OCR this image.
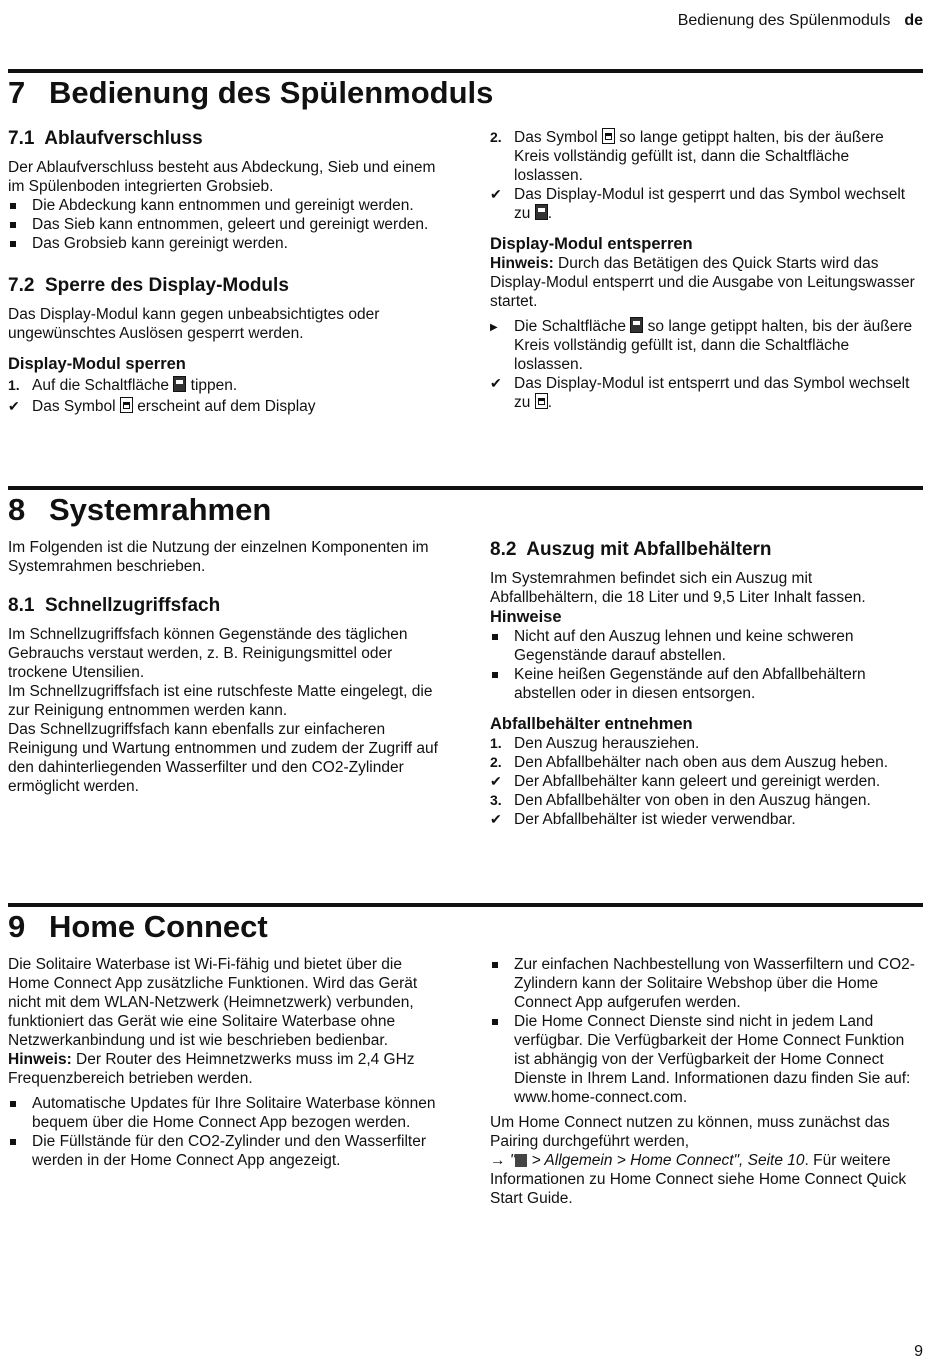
Bedienung des Spülenmoduls de
7 Bedienung des Spülenmoduls
7.1 Ablaufverschluss

Der Ablaufverschluss besteht aus Abdeckung, Sieb und einem im Spülenboden integrierten Grobsieb.

Die Abdeckung kann entnommen und gereinigt werden.
Das Sieb kann entnommen, geleert und gereinigt werden.
Das Grobsieb kann gereinigt werden.
7.2 Sperre des Display-Moduls

Das Display-Modul kann gegen unbeabsichtigtes oder ungewünschtes Auslösen gesperrt werden.

Display-Modul sperren
1. Auf die Schaltfläche tippen.
✔ Das Symbol erscheint auf dem Display
2. Das Symbol so lange getippt halten, bis der äußere Kreis vollständig gefüllt ist, dann die Schaltfläche loslassen.
✔ Das Display-Modul ist gesperrt und das Symbol wechselt zu .
Display-Modul entsperren

Hinweis: Durch das Betätigen des Quick Starts wird das Display-Modul entsperrt und die Ausgabe von Leitungswasser startet.

▶	Die Schaltfläche so lange getippt halten, bis der äußere Kreis vollständig gefüllt ist, dann die Schaltfläche loslassen.
✔ Das Display-Modul ist entsperrt und das Symbol wechselt zu .
8 Systemrahmen

Im Folgenden ist die Nutzung der einzelnen Komponenten im Systemrahmen beschrieben.

8.1 Schnellzugriffsfach

Im Schnellzugriffsfach können Gegenstände des täglichen Gebrauchs verstaut werden, z. B. Reinigungsmittel oder trockene Utensilien.

Im Schnellzugriffsfach ist eine rutschfeste Matte eingelegt, die zur Reinigung entnommen werden kann.

Das Schnellzugriffsfach kann ebenfalls zur einfacheren Reinigung und Wartung entnommen und zudem der Zugriff auf den dahinterliegenden Wasserfilter und den CO2-Zylinder ermöglicht werden.

8.2 Auszug mit Abfallbehältern

Im Systemrahmen befindet sich ein Auszug mit Abfallbehältern, die 18 Liter und 9,5 Liter Inhalt fassen.

Hinweise
Nicht auf den Auszug lehnen und keine schweren Gegenstände darauf abstellen.
Keine heißen Gegenstände auf den Abfallbehältern abstellen oder in diesen entsorgen.
Abfallbehälter entnehmen
1. Den Auszug herausziehen.
2. Den Abfallbehälter nach oben aus dem Auszug heben.
✔ Der Abfallbehälter kann geleert und gereinigt werden.
3. Den Abfallbehälter von oben in den Auszug hängen.
✔ Der Abfallbehälter ist wieder verwendbar.
9 Home Connect

Die Solitaire Waterbase ist Wi-Fi-fähig und bietet über die Home Connect App zusätzliche Funktionen. Wird das Gerät nicht mit dem WLAN-Netzwerk (Heimnetzwerk) verbunden, funktioniert das Gerät wie eine Solitaire Waterbase ohne Netzwerkanbindung und ist wie beschrieben bedienbar.

Hinweis: Der Router des Heimnetzwerks muss im 2,4 GHz Frequenzbereich betrieben werden.

Automatische Updates für Ihre Solitaire Waterbase können bequem über die Home Connect App bezogen werden.
Die Füllstände für den CO2-Zylinder und den Wasserfilter werden in der Home Connect App angezeigt.
Zur einfachen Nachbestellung von Wasserfiltern und CO2-Zylindern kann der Solitaire Webshop über die Home Connect App aufgerufen werden.
Die Home Connect Dienste sind nicht in jedem Land verfügbar. Die Verfügbarkeit der Home Connect Funktion ist abhängig von der Verfügbarkeit der Home Connect Dienste in Ihrem Land. Informationen dazu finden Sie auf: www.home-connect.com.

Um Home Connect nutzen zu können, muss zunächst das Pairing durchgeführt werden,

→ " > Allgemein > Home Connect", Seite 10. Für weitere Informationen zu Home Connect siehe Home Connect Quick Start Guide.

9
